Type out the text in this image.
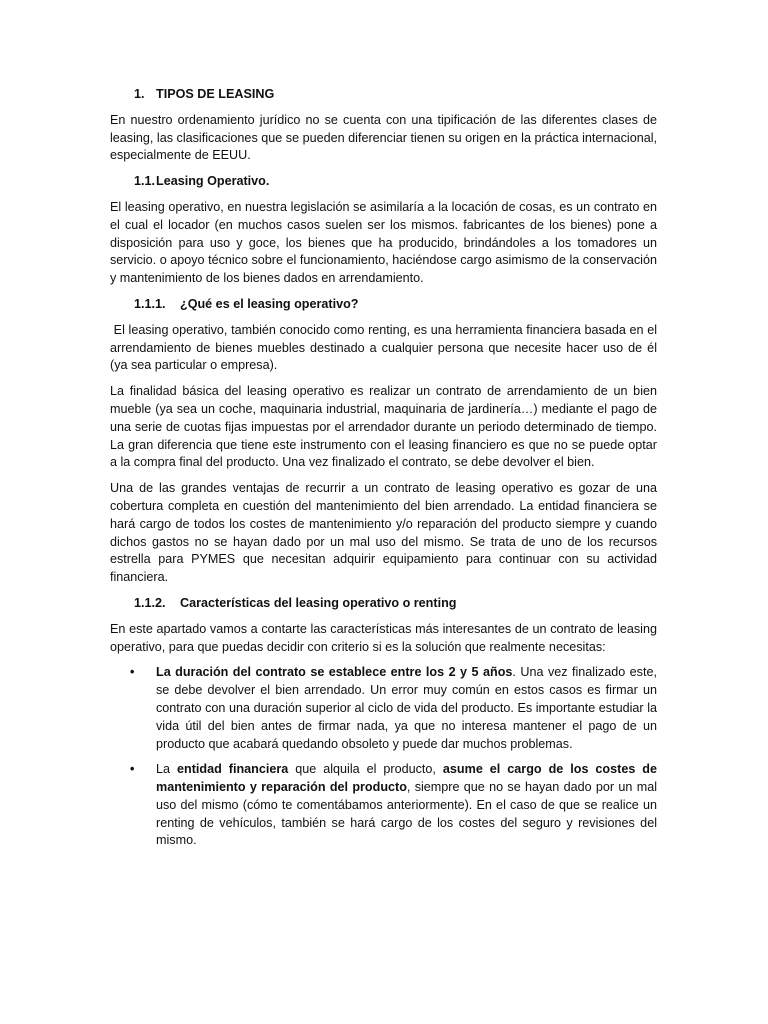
1. TIPOS DE LEASING

En nuestro ordenamiento jurídico no se cuenta con una tipificación de las diferentes clases de leasing, las clasificaciones que se pueden diferenciar tienen su origen en la práctica internacional, especialmente de EEUU.

1.1. Leasing Operativo.

El leasing operativo, en nuestra legislación se asimilaría a la locación de cosas, es un contrato en el cual el locador (en muchos casos suelen ser los mismos. fabricantes de los bienes) pone a disposición para uso y goce, los bienes que ha producido, brindándoles a los tomadores un servicio. o apoyo técnico sobre el funcionamiento, haciéndose cargo asimismo de la conservación y mantenimiento de los bienes dados en arrendamiento.

1.1.1.	¿Qué es el leasing operativo?

El leasing operativo, también conocido como renting, es una herramienta financiera basada en el arrendamiento de bienes muebles destinado a cualquier persona que necesite hacer uso de él (ya sea particular o empresa).

La finalidad básica del leasing operativo es realizar un contrato de arrendamiento de un bien mueble (ya sea un coche, maquinaria industrial, maquinaria de jardinería…) mediante el pago de una serie de cuotas fijas impuestas por el arrendador durante un periodo determinado de tiempo. La gran diferencia que tiene este instrumento con el leasing financiero es que no se puede optar a la compra final del producto. Una vez finalizado el contrato, se debe devolver el bien.

Una de las grandes ventajas de recurrir a un contrato de leasing operativo es gozar de una cobertura completa en cuestión del mantenimiento del bien arrendado. La entidad financiera se hará cargo de todos los costes de mantenimiento y/o reparación del producto siempre y cuando dichos gastos no se hayan dado por un mal uso del mismo. Se trata de uno de los recursos estrella para PYMES que necesitan adquirir equipamiento para continuar con su actividad financiera.

1.1.2.	Características del leasing operativo o renting

En este apartado vamos a contarte las características más interesantes de un contrato de leasing operativo, para que puedas decidir con criterio si es la solución que realmente necesitas:

• La duración del contrato se establece entre los 2 y 5 años. Una vez finalizado este, se debe devolver el bien arrendado. Un error muy común en estos casos es firmar un contrato con una duración superior al ciclo de vida del producto. Es importante estudiar la vida útil del bien antes de firmar nada, ya que no interesa mantener el pago de un producto que acabará quedando obsoleto y puede dar muchos problemas.
• La entidad financiera que alquila el producto, asume el cargo de los costes de mantenimiento y reparación del producto, siempre que no se hayan dado por un mal uso del mismo (cómo te comentábamos anteriormente). En el caso de que se realice un renting de vehículos, también se hará cargo de los costes del seguro y revisiones del mismo.
